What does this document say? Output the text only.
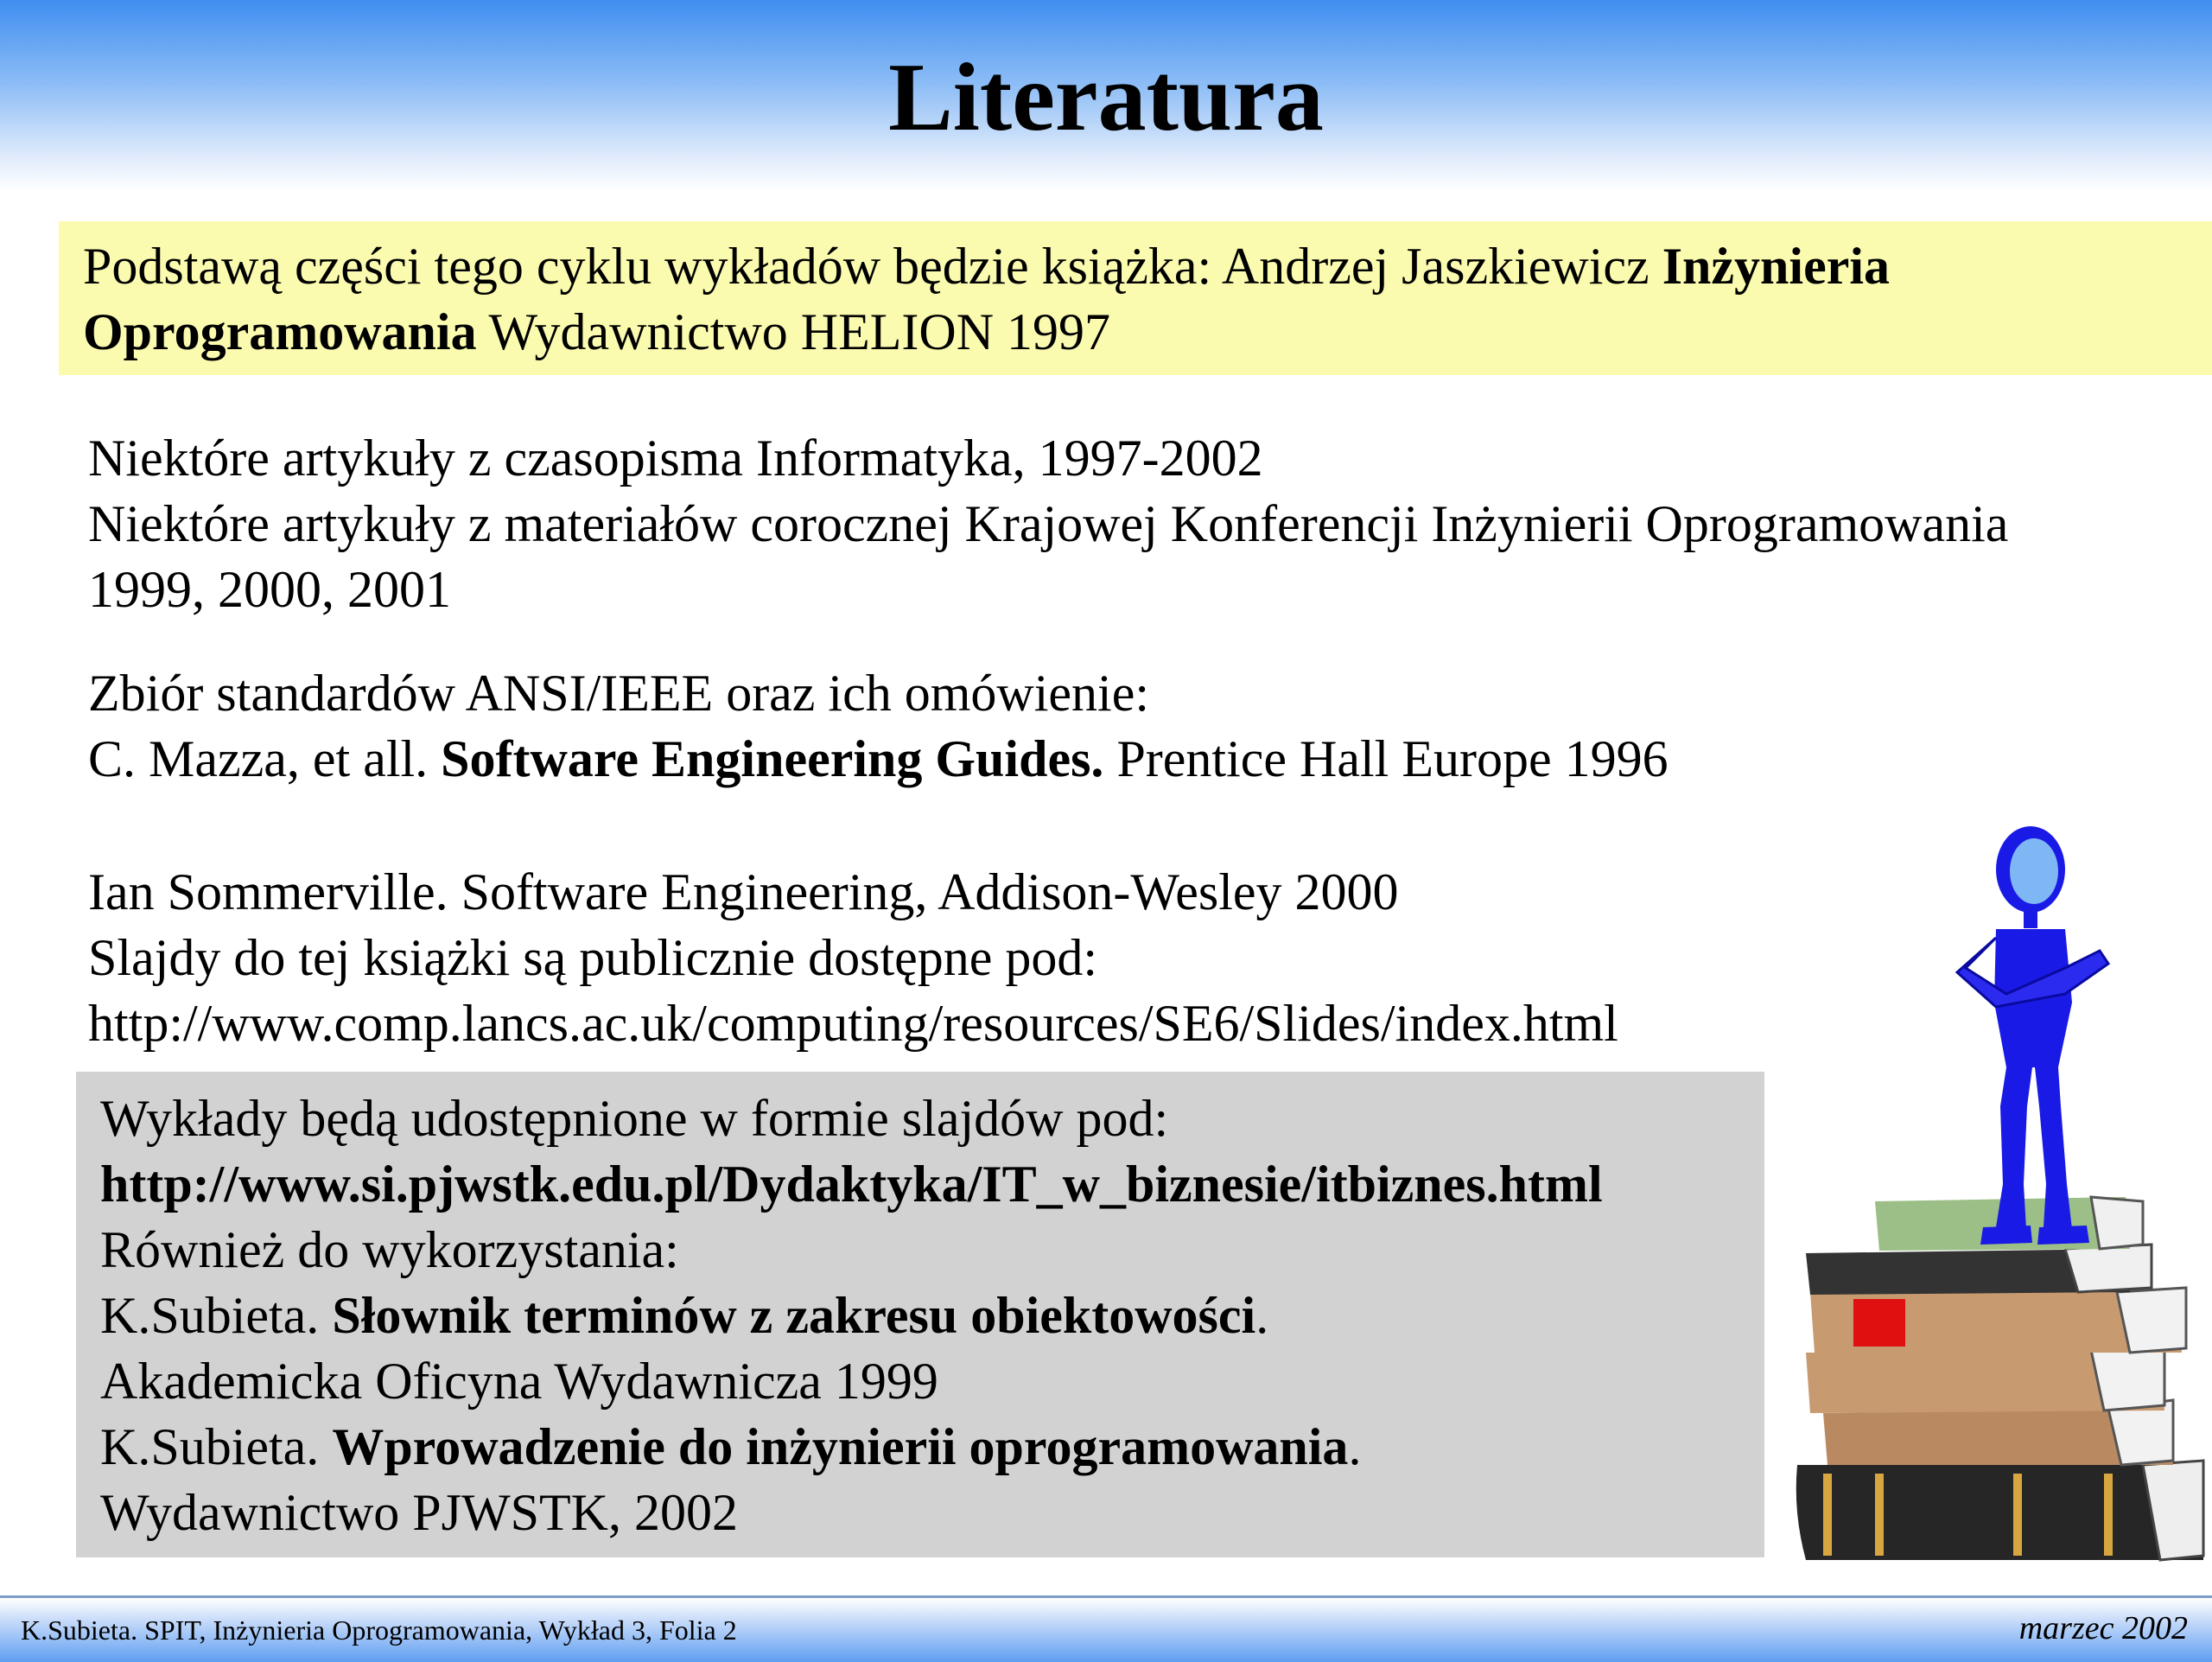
Literatura
Podstawą części tego cyklu wykładów będzie książka: Andrzej Jaszkiewicz Inżynieria
Oprogramowania Wydawnictwo HELION 1997
Niektóre artykuły z czasopisma Informatyka, 1997-2002
Niektóre artykuły z materiałów corocznej Krajowej Konferencji Inżynierii Oprogramowania
1999, 2000, 2001
Zbiór standardów ANSI/IEEE oraz ich omówienie:
C. Mazza, et all. Software Engineering Guides. Prentice Hall Europe 1996
Ian Sommerville. Software Engineering, Addison-Wesley 2000
Slajdy do tej książki są publicznie dostępne pod:
http://www.comp.lancs.ac.uk/computing/resources/SE6/Slides/index.html
Wykłady będą udostępnione w formie slajdów pod:
http://www.si.pjwstk.edu.pl/Dydaktyka/IT_w_biznesie/itbiznes.html
Również do wykorzystania:
K.Subieta. Słownik terminów z zakresu obiektowości.
Akademicka Oficyna Wydawnicza 1999
K.Subieta. Wprowadzenie do inżynierii oprogramowania.
Wydawnictwo PJWSTK, 2002
K.Subieta. SPIT, Inżynieria Oprogramowania, Wykład 3, Folia 2	marzec 2002
